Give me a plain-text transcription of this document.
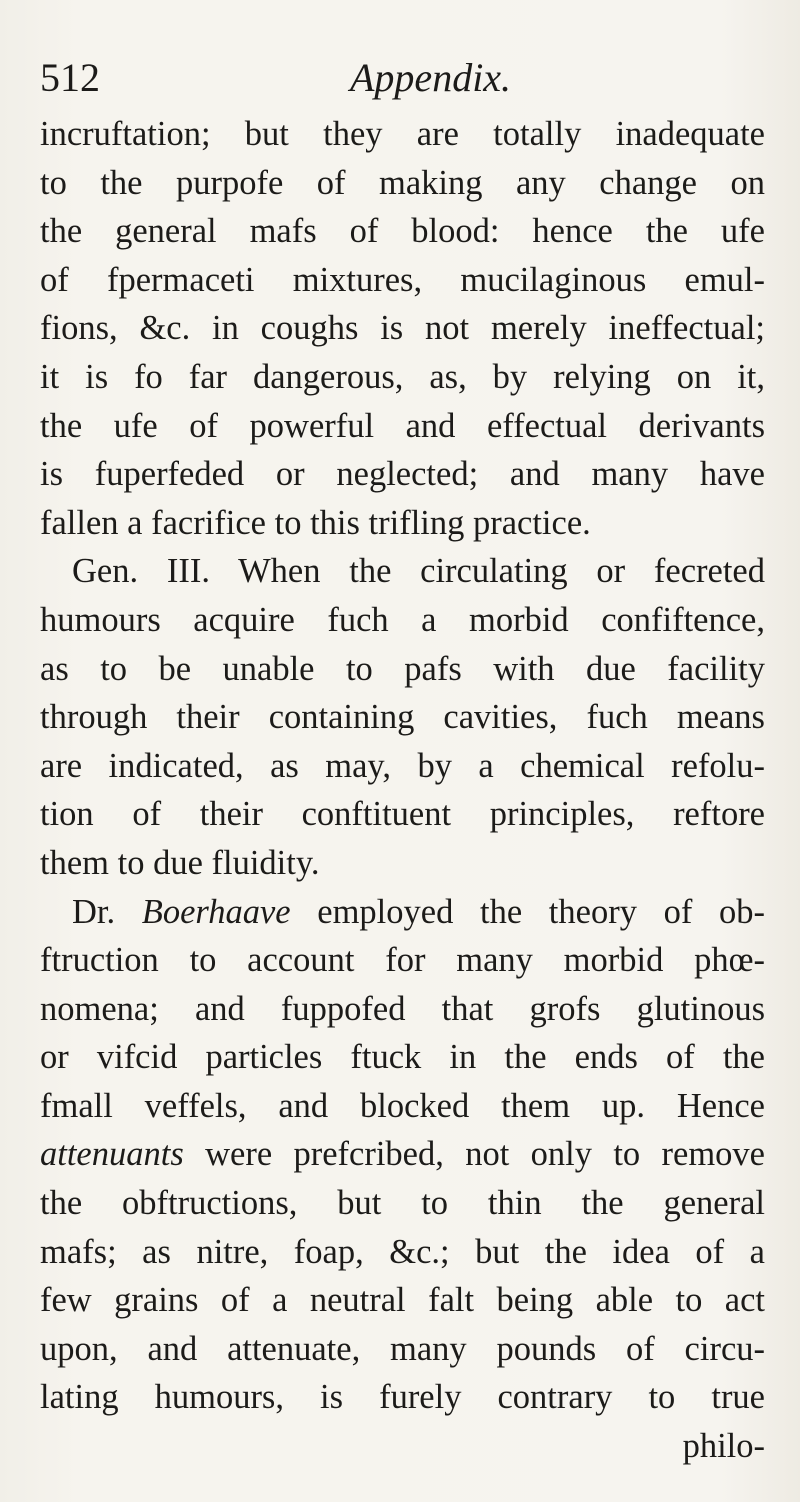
512	Appendix.
incruftation; but they are totally inadequate
to the purpofe of making any change on
the general mafs of blood: hence the ufe
of fpermaceti mixtures, mucilaginous emul-
fions, &c. in coughs is not merely ineffectual;
it is fo far dangerous, as, by relying on it,
the ufe of powerful and effectual derivants
is fuperfeded or neglected; and many have
fallen a facrifice to this trifling practice.
Gen. III. When the circulating or fecreted
humours acquire fuch a morbid confiftence,
as to be unable to pafs with due facility
through their containing cavities, fuch means
are indicated, as may, by a chemical refolu-
tion of their conftituent principles, reftore
them to due fluidity.
Dr. Boerhaave employed the theory of ob-
ftruction to account for many morbid phœ-
nomena; and fuppofed that grofs glutinous
or vifcid particles ftuck in the ends of the
fmall veffels, and blocked them up. Hence
attenuants were prefcribed, not only to remove
the obftructions, but to thin the general
mafs; as nitre, foap, &c.; but the idea of a
few grains of a neutral falt being able to act
upon, and attenuate, many pounds of circu-
lating humours, is furely contrary to true
philo-
